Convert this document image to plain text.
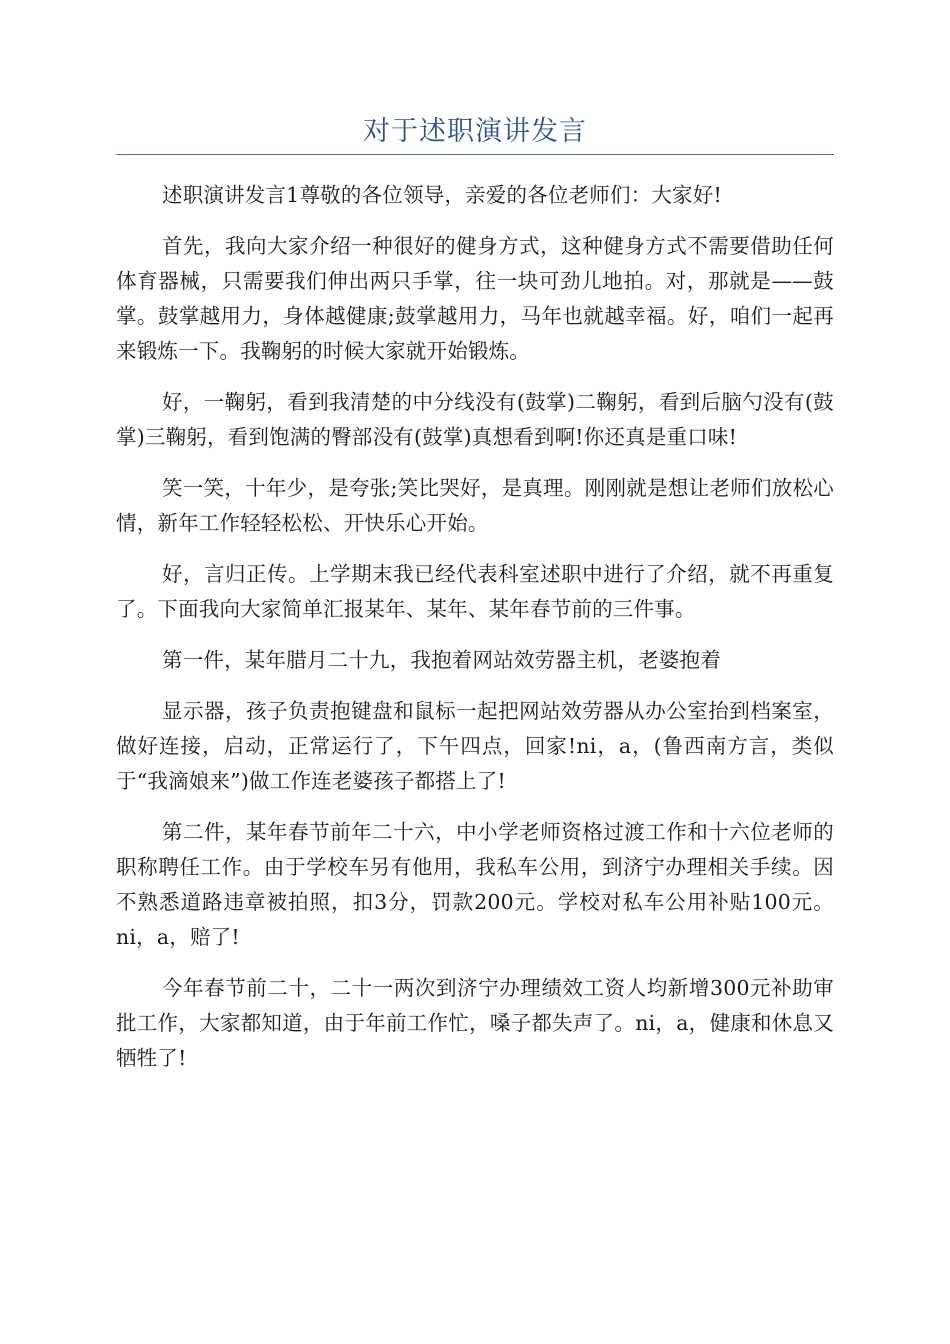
对于述职演讲发言

述职演讲发言1尊敬的各位领导，亲爱的各位老师们：大家好!

首先，我向大家介绍一种很好的健身方式，这种健身方式不需要借助任何体育器械，只需要我们伸出两只手掌，往一块可劲儿地拍。对，那就是——鼓掌。鼓掌越用力，身体越健康;鼓掌越用力，马年也就越幸福。好，咱们一起再来锻炼一下。我鞠躬的时候大家就开始锻炼。

好，一鞠躬，看到我清楚的中分线没有(鼓掌)二鞠躬，看到后脑勺没有(鼓掌)三鞠躬，看到饱满的臀部没有(鼓掌)真想看到啊!你还真是重口味!

笑一笑，十年少，是夸张;笑比哭好，是真理。刚刚就是想让老师们放松心情，新年工作轻轻松松、开快乐心开始。

好，言归正传。上学期末我已经代表科室述职中进行了介绍，就不再重复了。下面我向大家简单汇报某年、某年、某年春节前的三件事。

第一件，某年腊月二十九，我抱着网站效劳器主机，老婆抱着

显示器，孩子负责抱键盘和鼠标一起把网站效劳器从办公室抬到档案室，做好连接，启动，正常运行了，下午四点，回家!ni，a，(鲁西南方言，类似于“我滴娘来”)做工作连老婆孩子都搭上了!

第二件，某年春节前年二十六，中小学老师资格过渡工作和十六位老师的职称聘任工作。由于学校车另有他用，我私车公用，到济宁办理相关手续。因不熟悉道路违章被拍照，扣3分，罚款200元。学校对私车公用补贴100元。ni，a，赔了!

今年春节前二十，二十一两次到济宁办理绩效工资人均新增300元补助审批工作，大家都知道，由于年前工作忙，嗓子都失声了。ni，a，健康和休息又牺牲了!
